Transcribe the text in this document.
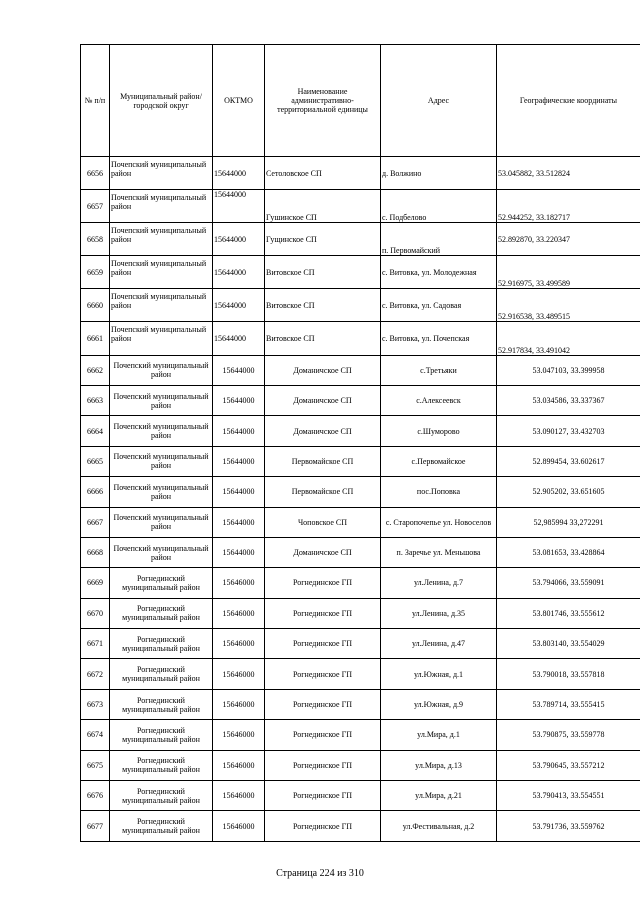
№ п/п	Муниципальный район/городской округ	ОКТМО	Наименование административно-территориальной единицы	Адрес	Географические координаты
6656	Почепский муниципальный район	15644000	Сетоловское СП	д. Волжино	53.045882, 33.512824
6657	Почепский муниципальный район	15644000	Гушинское СП	с. Подбелово	52.944252, 33.182717
6658	Почепский муниципальный район	15644000	Гущинское СП	п. Первомайский	52.892870, 33.220347
6659	Почепский муниципальный район	15644000	Витовское СП	с. Витовка, ул. Молодежная	52.916975, 33.499589
6660	Почепский муниципальный район	15644000	Витовское СП	с. Витовка, ул. Садовая	52.916538, 33.489515
6661	Почепский муниципальный район	15644000	Витовское СП	с. Витовка, ул. Почепская	52.917834, 33.491042
6662	Почепский муниципальный район	15644000	Доманичское СП	с.Третьяки	53.047103, 33.399958
6663	Почепский муниципальный район	15644000	Доманичское СП	с.Алексеевск	53.034586, 33.337367
6664	Почепский муниципальный район	15644000	Доманичское СП	с.Шуморово	53.090127, 33.432703
6665	Почепский муниципальный район	15644000	Первомайское СП	с.Первомайское	52.899454, 33.602617
6666	Почепский муниципальный район	15644000	Первомайское СП	пос.Поповка	52.905202, 33.651605
6667	Почепский муниципальный район	15644000	Чоповское СП	с. Старопочепье ул. Новоселов	52,985994 33,272291
6668	Почепский муниципальный район	15644000	Доманичское СП	п. Заречье ул. Меньшова	53.081653, 33.428864
6669	Рогнединский муниципальный район	15646000	Рогнединское ГП	ул.Ленина, д.7	53.794066, 33.559091
6670	Рогнединский муниципальный район	15646000	Рогнединское ГП	ул.Ленина, д.35	53.801746, 33.555612
6671	Рогнединский муниципальный район	15646000	Рогнединское ГП	ул.Ленина, д.47	53.803140, 33.554029
6672	Рогнединский муниципальный район	15646000	Рогнединское ГП	ул.Южная, д.1	53.790018, 33.557818
6673	Рогнединский муниципальный район	15646000	Рогнединское ГП	ул.Южная, д.9	53.789714, 33.555415
6674	Рогнединский муниципальный район	15646000	Рогнединское ГП	ул.Мира, д.1	53.790875, 33.559778
6675	Рогнединский муниципальный район	15646000	Рогнединское ГП	ул.Мира, д.13	53.790645, 33.557212
6676	Рогнединский муниципальный район	15646000	Рогнединское ГП	ул.Мира, д.21	53.790413, 33.554551
6677	Рогнединский муниципальный район	15646000	Рогнединское ГП	ул.Фестивальная, д.2	53.791736, 33.559762
Страница 224 из 310
